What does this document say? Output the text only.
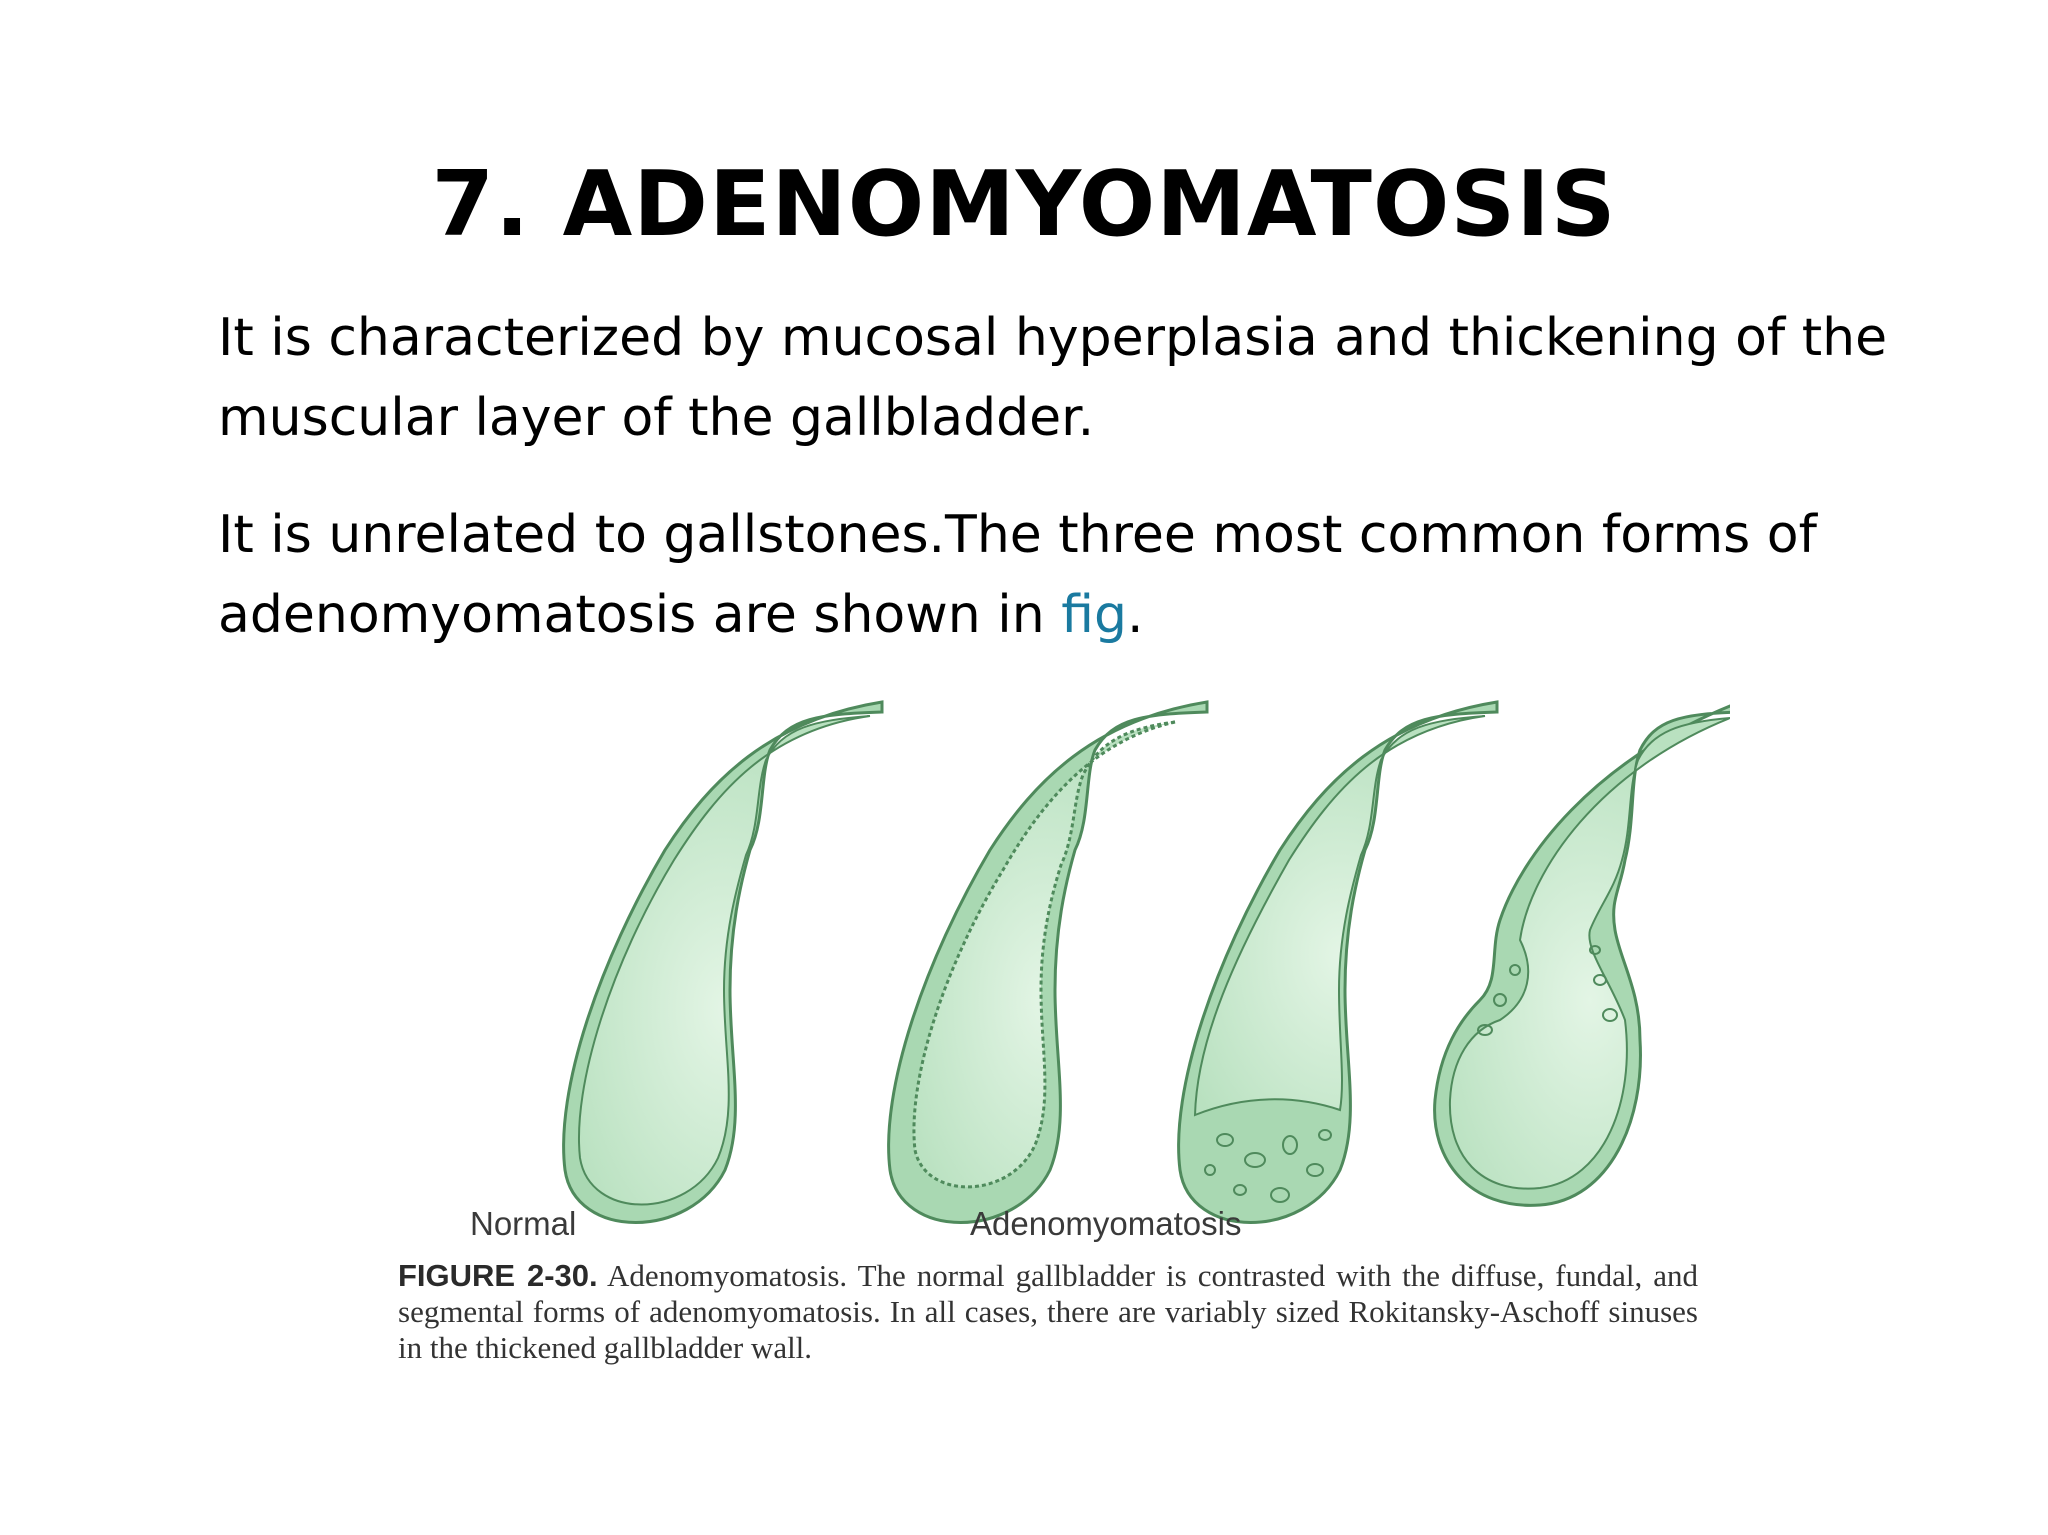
7. ADENOMYOMATOSIS

It is characterized by mucosal hyperplasia and thickening of the muscular layer of the gallbladder.

It is unrelated to gallstones.The three most common forms of adenomyomatosis are shown in fig.

Normal	Adenomyomatosis

FIGURE 2-30. Adenomyomatosis. The normal gallbladder is contrasted with the diffuse, fundal, and segmental forms of adenomyomatosis. In all cases, there are variably sized Rokitansky-Aschoff sinuses in the thickened gallbladder wall.
